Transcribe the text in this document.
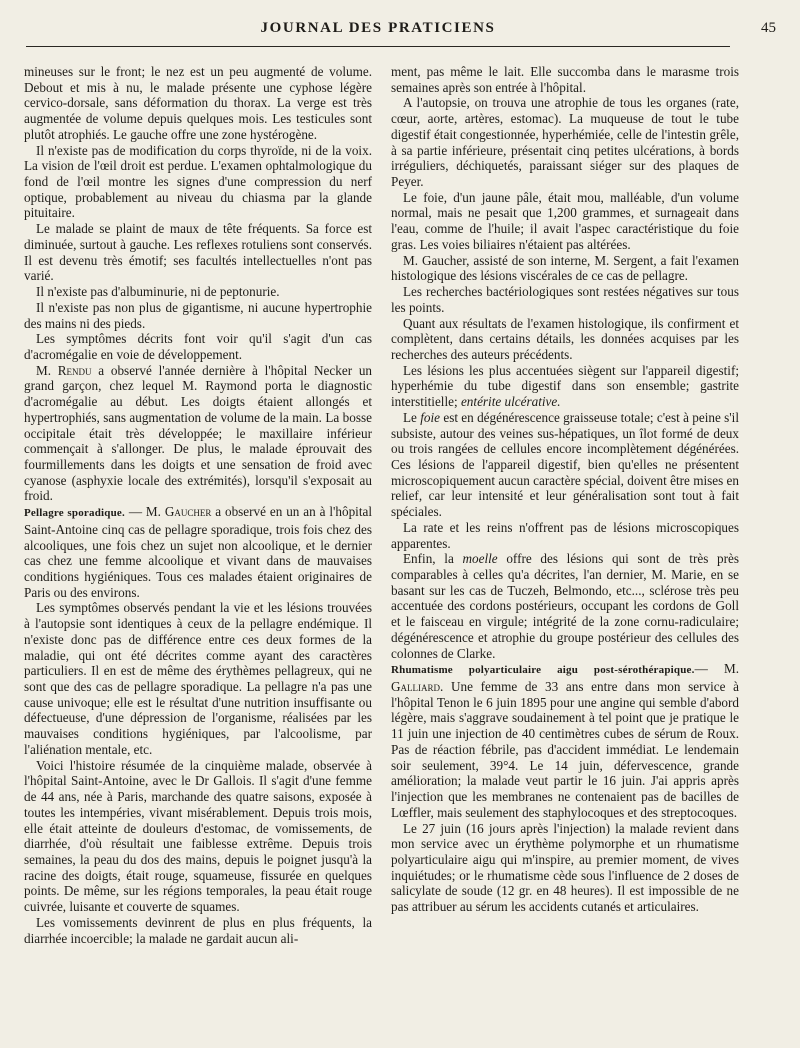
JOURNAL DES PRATICIENS	45

mineuses sur le front; le nez est un peu augmenté de volume. Debout et mis à nu, le malade présente une cyphose légère cervico-dorsale, sans déformation du thorax. La verge est très augmentée de volume depuis quelques mois. Les testicules sont plutôt atrophiés. Le gauche offre une zone hystérogène.

Il n'existe pas de modification du corps thyroïde, ni de la voix. La vision de l'œil droit est perdue. L'examen ophtalmologique du fond de l'œil montre les signes d'une compression du nerf optique, probablement au niveau du chiasma par la glande pituitaire.

Le malade se plaint de maux de tête fréquents. Sa force est diminuée, surtout à gauche. Les reflexes rotuliens sont conservés. Il est devenu très émotif; ses facultés intellectuelles n'ont pas varié.

Il n'existe pas d'albuminurie, ni de peptonurie.

Il n'existe pas non plus de gigantisme, ni aucune hypertrophie des mains ni des pieds.

Les symptômes décrits font voir qu'il s'agit d'un cas d'acromégalie en voie de développement.

M. Rendu a observé l'année dernière à l'hôpital Necker un grand garçon, chez lequel M. Raymond porta le diagnostic d'acromégalie au début. Les doigts étaient allongés et hypertrophiés, sans augmentation de volume de la main. La bosse occipitale était très développée; le maxillaire inférieur commençait à s'allonger. De plus, le malade éprouvait des fourmillements dans les doigts et une sensation de froid avec cyanose (asphyxie locale des extrémités), lorsqu'il s'exposait au froid.

Pellagre sporadique. — M. Gaucher a observé en un an à l'hôpital Saint-Antoine cinq cas de pellagre sporadique, trois fois chez des alcooliques, une fois chez un sujet non alcoolique, et le dernier cas chez une femme alcoolique et vivant dans de mauvaises conditions hygiéniques. Tous ces malades étaient originaires de Paris ou des environs.

Les symptômes observés pendant la vie et les lésions trouvées à l'autopsie sont identiques à ceux de la pellagre endémique. Il n'existe donc pas de différence entre ces deux formes de la maladie, qui ont été décrites comme ayant des caractères particuliers. Il en est de même des érythèmes pellagreux, qui ne sont que des cas de pellagre sporadique. La pellagre n'a pas une cause univoque; elle est le résultat d'une nutrition insuffisante ou défectueuse, d'une dépression de l'organisme, réalisées par les mauvaises conditions hygiéniques, par l'alcoolisme, par l'aliénation mentale, etc.

Voici l'histoire résumée de la cinquième malade, observée à l'hôpital Saint-Antoine, avec le Dr Gallois. Il s'agit d'une femme de 44 ans, née à Paris, marchande des quatre saisons, exposée à toutes les intempéries, vivant misérablement. Depuis trois mois, elle était atteinte de douleurs d'estomac, de vomissements, de diarrhée, d'où résultait une faiblesse extrême. Depuis trois semaines, la peau du dos des mains, depuis le poignet jusqu'à la racine des doigts, était rouge, squameuse, fissurée en quelques points. De même, sur les régions temporales, la peau était rouge cuivrée, luisante et couverte de squames.

Les vomissements devinrent de plus en plus fréquents, la diarrhée incoercible; la malade ne gardait aucun ali-

ment, pas même le lait. Elle succomba dans le marasme trois semaines après son entrée à l'hôpital.

A l'autopsie, on trouva une atrophie de tous les organes (rate, cœur, aorte, artères, estomac). La muqueuse de tout le tube digestif était congestionnée, hyperhémiée, celle de l'intestin grêle, à sa partie inférieure, présentait cinq petites ulcérations, à bords irréguliers, déchiquetés, paraissant siéger sur des plaques de Peyer.

Le foie, d'un jaune pâle, était mou, malléable, d'un volume normal, mais ne pesait que 1,200 grammes, et surnageait dans l'eau, comme de l'huile; il avait l'aspec caractéristique du foie gras. Les voies biliaires n'étaient pas altérées.

M. Gaucher, assisté de son interne, M. Sergent, a fait l'examen histologique des lésions viscérales de ce cas de pellagre.

Les recherches bactériologiques sont restées négatives sur tous les points.

Quant aux résultats de l'examen histologique, ils confirment et complètent, dans certains détails, les données acquises par les recherches des auteurs précédents.

Les lésions les plus accentuées siègent sur l'appareil digestif; hyperhémie du tube digestif dans son ensemble; gastrite interstitielle; entérite ulcérative.

Le foie est en dégénérescence graisseuse totale; c'est à peine s'il subsiste, autour des veines sus-hépatiques, un îlot formé de deux ou trois rangées de cellules encore incomplètement dégénérées. Ces lésions de l'appareil digestif, bien qu'elles ne présentent microscopiquement aucun caractère spécial, doivent être mises en relief, car leur intensité et leur généralisation sont tout à fait spéciales.

La rate et les reins n'offrent pas de lésions microscopiques apparentes.

Enfin, la moelle offre des lésions qui sont de très près comparables à celles qu'a décrites, l'an dernier, M. Marie, en se basant sur les cas de Tuczeh, Belmondo, etc..., sclérose très peu accentuée des cordons postérieurs, occupant les cordons de Goll et le faisceau en virgule; intégrité de la zone cornu-radiculaire; dégénérescence et atrophie du groupe postérieur des cellules des colonnes de Clarke.

Rhumatisme polyarticulaire aigu post-sérothérapique.— M. Galliard. Une femme de 33 ans entre dans mon service à l'hôpital Tenon le 6 juin 1895 pour une angine qui semble d'abord légère, mais s'aggrave soudainement à tel point que je pratique le 11 juin une injection de 40 centimètres cubes de sérum de Roux. Pas de réaction fébrile, pas d'accident immédiat. Le lendemain soir seulement, 39°4. Le 14 juin, défervescence, grande amélioration; la malade veut partir le 16 juin. J'ai appris après l'injection que les membranes ne contenaient pas de bacilles de Lœffler, mais seulement des staphylocoques et des streptocoques.

Le 27 juin (16 jours après l'injection) la malade revient dans mon service avec un érythème polymorphe et un rhumatisme polyarticulaire aigu qui m'inspire, au premier moment, de vives inquiétudes; or le rhumatisme cède sous l'influence de 2 doses de salicylate de soude (12 gr. en 48 heures). Il est impossible de ne pas attribuer au sérum les accidents cutanés et articulaires.
